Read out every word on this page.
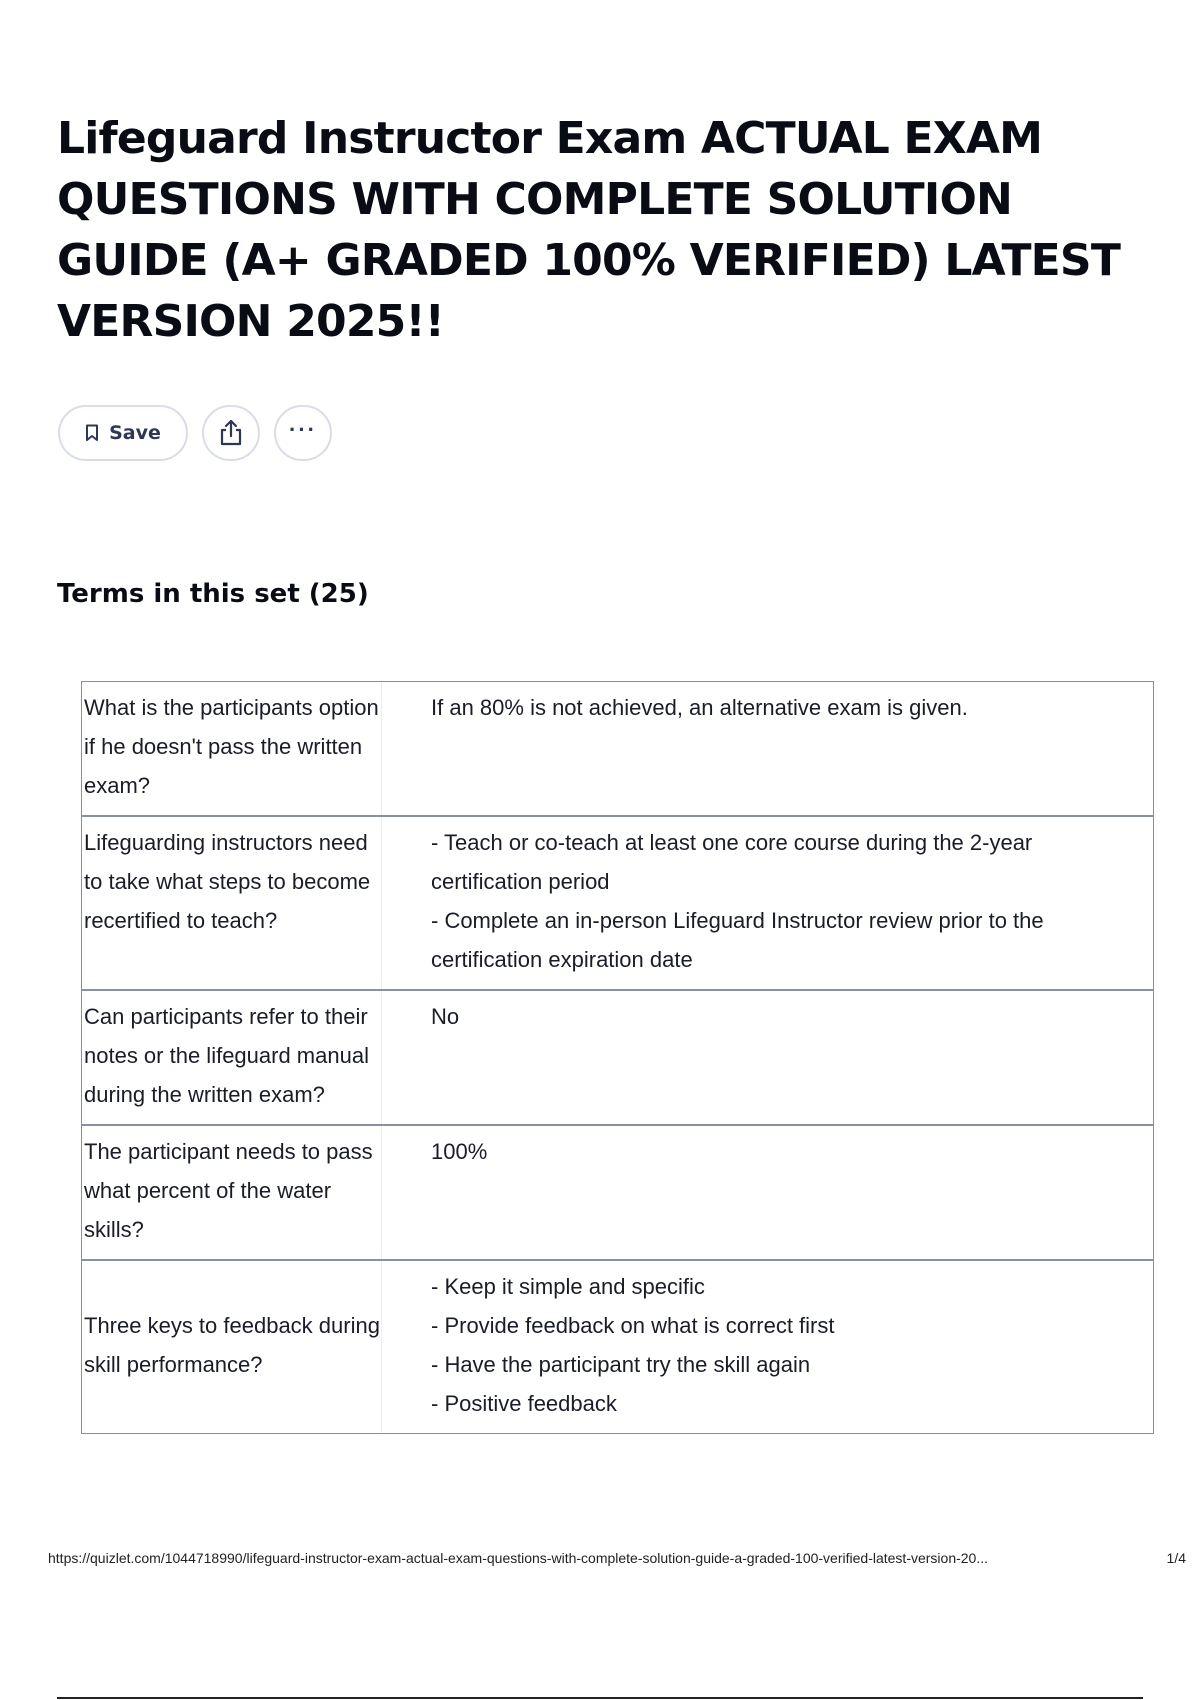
Lifeguard Instructor Exam ACTUAL EXAM QUESTIONS WITH COMPLETE SOLUTION GUIDE (A+ GRADED 100% VERIFIED) LATEST VERSION 2025!!
Save	···
Terms in this set (25)
What is the participants option if he doesn't pass the written exam?
If an 80% is not achieved, an alternative exam is given.
Lifeguarding instructors need to take what steps to become recertified to teach?
- Teach or co-teach at least one core course during the 2-year certification period
- Complete an in-person Lifeguard Instructor review prior to the certification expiration date
Can participants refer to their notes or the lifeguard manual during the written exam?
No
The participant needs to pass what percent of the water skills?
100%
Three keys to feedback during skill performance?
- Keep it simple and specific
- Provide feedback on what is correct first
- Have the participant try the skill again
- Positive feedback
https://quizlet.com/1044718990/lifeguard-instructor-exam-actual-exam-questions-with-complete-solution-guide-a-graded-100-verified-latest-version-20...	1/4
